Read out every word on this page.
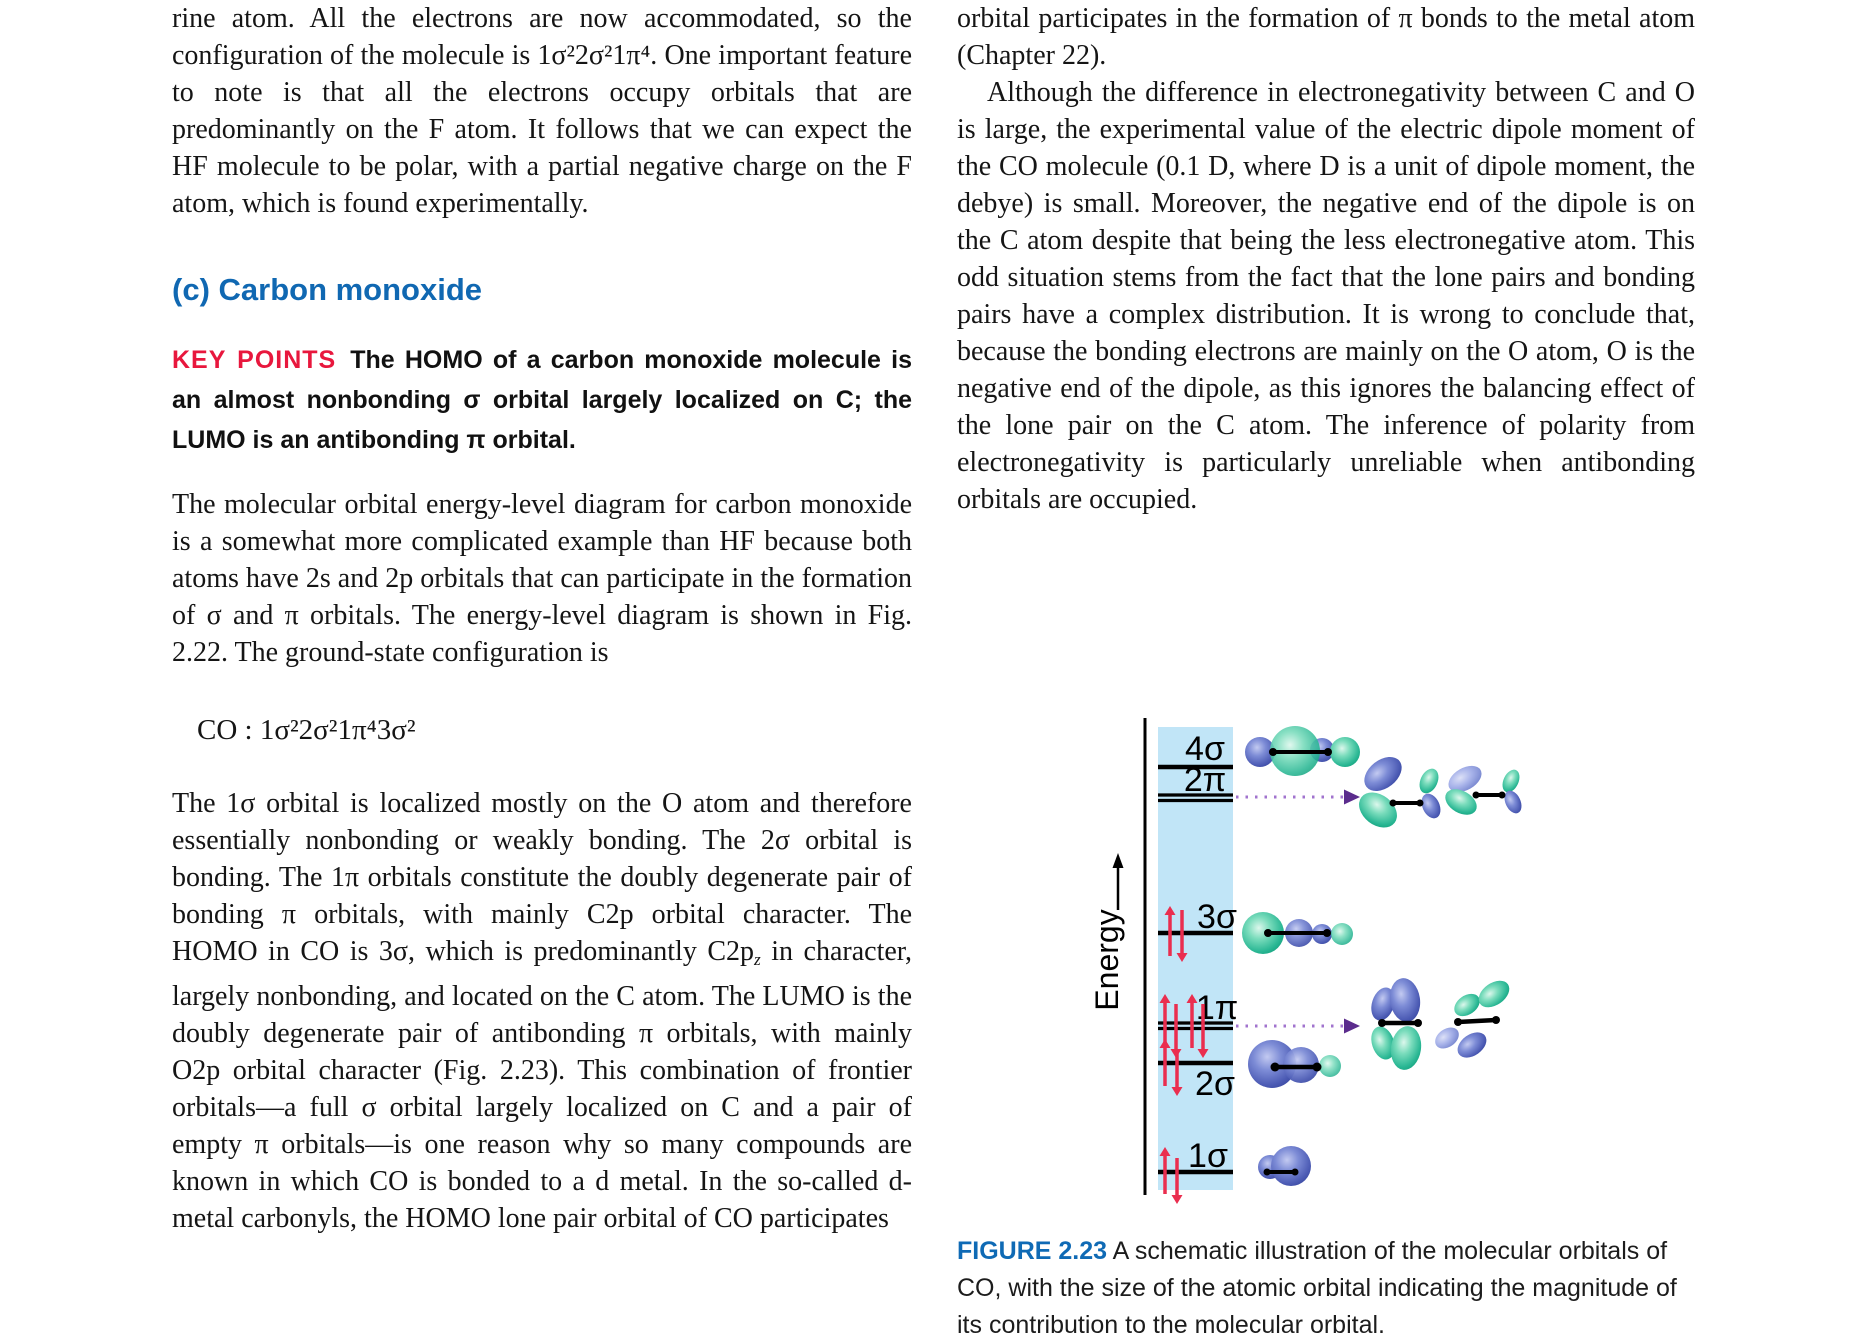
rine atom. All the electrons are now accommodated, so the configuration of the molecule is 1σ²2σ²1π⁴. One important feature to note is that all the electrons occupy orbitals that are predominantly on the F atom. It follows that we can expect the HF molecule to be polar, with a partial negative charge on the F atom, which is found experimentally.

(c) Carbon monoxide

KEY POINTS The HOMO of a carbon monoxide molecule is an almost nonbonding σ orbital largely localized on C; the LUMO is an antibonding π orbital.

The molecular orbital energy-level diagram for carbon monoxide is a somewhat more complicated example than HF because both atoms have 2s and 2p orbitals that can participate in the formation of σ and π orbitals. The energy-level diagram is shown in Fig. 2.22. The ground-state configuration is

CO : 1σ²2σ²1π⁴3σ²

The 1σ orbital is localized mostly on the O atom and therefore essentially nonbonding or weakly bonding. The 2σ orbital is bonding. The 1π orbitals constitute the doubly degenerate pair of bonding π orbitals, with mainly C2p orbital character. The HOMO in CO is 3σ, which is predominantly $C2p_z$ in character, largely nonbonding, and located on the C atom. The LUMO is the doubly degenerate pair of antibonding π orbitals, with mainly O2p orbital character (Fig. 2.23). This combination of frontier orbitals—a full σ orbital largely localized on C and a pair of empty π orbitals—is one reason why so many compounds are known in which CO is bonded to a d metal. In the so-called d-metal carbonyls, the HOMO lone pair orbital of CO participates

orbital participates in the formation of π bonds to the metal atom (Chapter 22).

Although the difference in electronegativity between C and O is large, the experimental value of the electric dipole moment of the CO molecule (0.1 D, where D is a unit of dipole moment, the debye) is small. Moreover, the negative end of the dipole is on the C atom despite that being the less electronegative atom. This odd situation stems from the fact that the lone pairs and bonding pairs have a complex distribution. It is wrong to conclude that, because the bonding electrons are mainly on the O atom, O is the negative end of the dipole, as this ignores the balancing effect of the lone pair on the C atom. The inference of polarity from electronegativity is particularly unreliable when antibonding orbitals are occupied.

Energy
4σ
2π
3σ
1π
2σ
1σ
FIGURE 2.23 A schematic illustration of the molecular orbitals of CO, with the size of the atomic orbital indicating the magnitude of its contribution to the molecular orbital.
